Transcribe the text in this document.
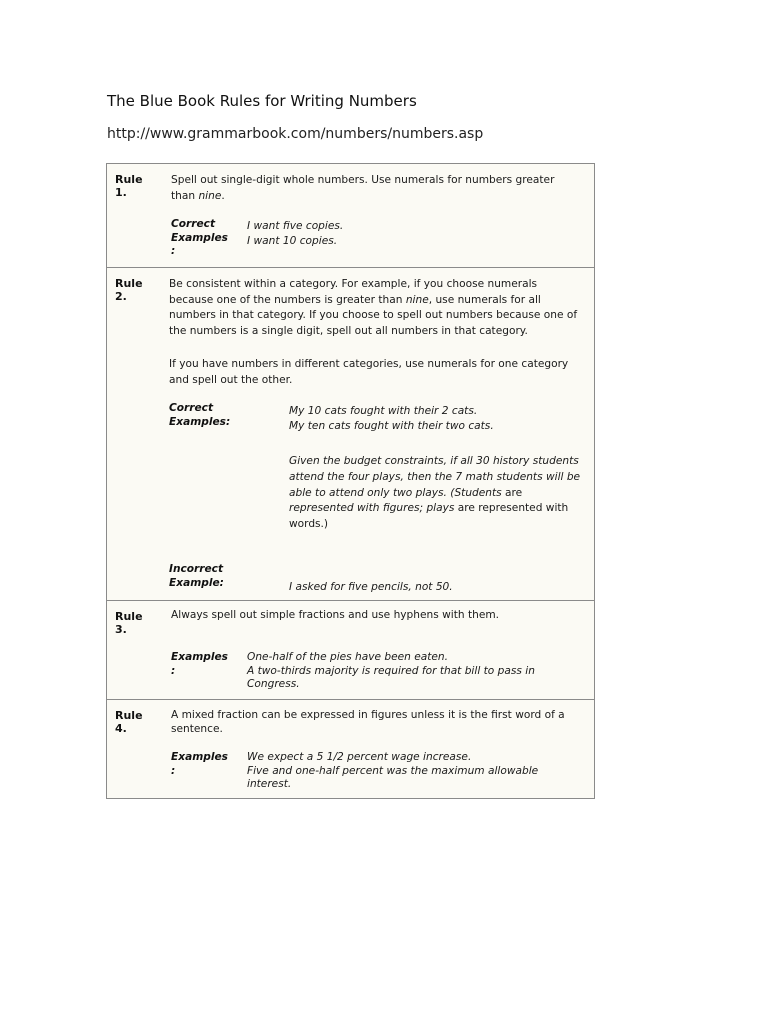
The Blue Book Rules for Writing Numbers
http://www.grammarbook.com/numbers/numbers.asp
Rule
1.
Spell out single-digit whole numbers. Use numerals for numbers greater
than nine.
Correct
Examples
:
I want five copies.
I want 10 copies.
Rule
2.
Be consistent within a category. For example, if you choose numerals
because one of the numbers is greater than nine, use numerals for all
numbers in that category. If you choose to spell out numbers because one of
the numbers is a single digit, spell out all numbers in that category.
If you have numbers in different categories, use numerals for one category
and spell out the other.
Correct
Examples:
My 10 cats fought with their 2 cats.
My ten cats fought with their two cats.
Given the budget constraints, if all 30 history students
attend the four plays, then the 7 math students will be
able to attend only two plays. (Students are
represented with figures; plays are represented with
words.)
Incorrect
Example:	I asked for five pencils, not 50.
Rule
3.
Always spell out simple fractions and use hyphens with them.
Examples
:
One-half of the pies have been eaten.
A two-thirds majority is required for that bill to pass in
Congress.
Rule
4.
A mixed fraction can be expressed in figures unless it is the first word of a
sentence.
Examples
:
We expect a 5 1/2 percent wage increase.
Five and one-half percent was the maximum allowable
interest.
